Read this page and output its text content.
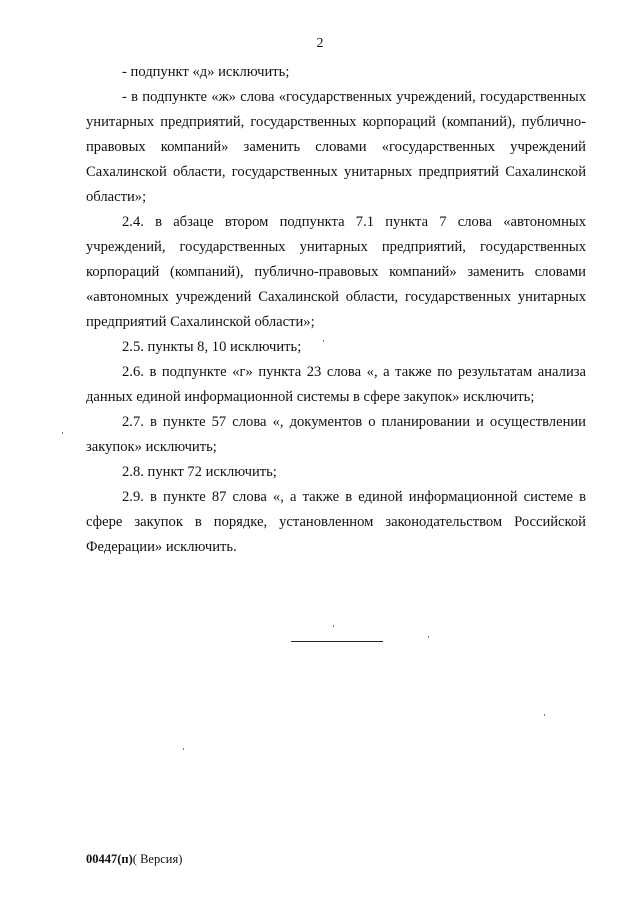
2

- подпункт «д» исключить;

- в подпункте «ж» слова «государственных учреждений, государственных унитарных предприятий, государственных корпораций (компаний), публично-правовых компаний» заменить словами «государственных учреждений Сахалинской области, государственных унитарных предприятий Сахалинской области»;

2.4. в абзаце втором подпункта 7.1 пункта 7 слова «автономных учреждений, государственных унитарных предприятий, государственных корпораций (компаний), публично-правовых компаний» заменить словами «автономных учреждений Сахалинской области, государственных унитарных предприятий Сахалинской области»;

2.5. пункты 8, 10 исключить;

2.6. в подпункте «г» пункта 23 слова «, а также по результатам анализа данных единой информационной системы в сфере закупок» исключить;

2.7. в пункте 57 слова «, документов о планировании и осуществлении закупок» исключить;

2.8. пункт 72 исключить;

2.9. в пункте 87 слова «, а также в единой информационной системе в сфере закупок в порядке, установленном законодательством Российской Федерации» исключить.

00447(п)( Версия)
